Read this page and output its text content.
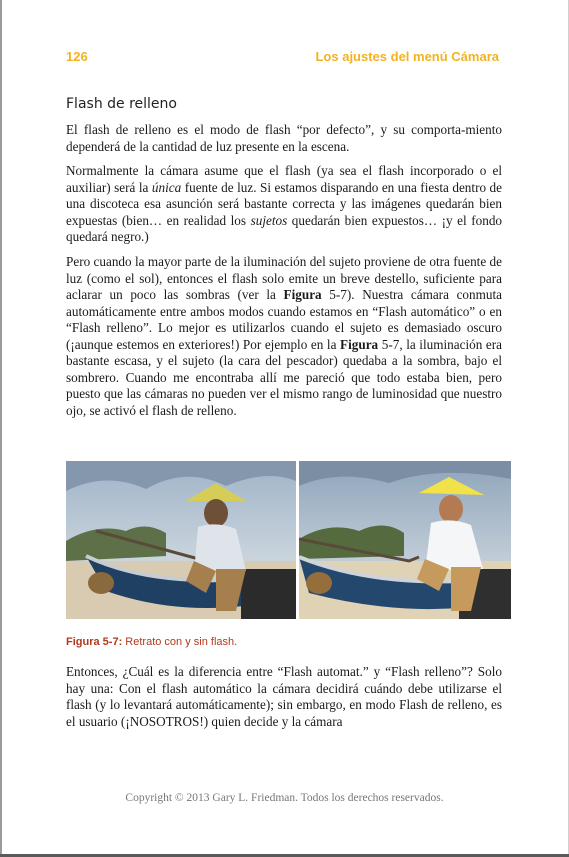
126	Los ajustes del menú Cámara
Flash de relleno

El flash de relleno es el modo de flash “por defecto”, y su comporta-miento dependerá de la cantidad de luz presente en la escena.

Normalmente la cámara asume que el flash (ya sea el flash incorporado o el auxiliar) será la única fuente de luz. Si estamos disparando en una fiesta dentro de una discoteca esa asunción será bastante correcta y las imágenes quedarán bien expuestas (bien… en realidad los sujetos quedarán bien expuestos… ¡y el fondo quedará negro.)

Pero cuando la mayor parte de la iluminación del sujeto proviene de otra fuente de luz (como el sol), entonces el flash solo emite un breve destello, suficiente para aclarar un poco las sombras (ver la Figura 5-7). Nuestra cámara conmuta automáticamente entre ambos modos cuando estamos en “Flash automático” o en “Flash relleno”. Lo mejor es utilizarlos cuando el sujeto es demasiado oscuro (¡aunque estemos en exteriores!) Por ejemplo en la Figura 5-7, la iluminación era bastante escasa, y el sujeto (la cara del pescador) quedaba a la sombra, bajo el sombrero. Cuando me encontraba allí me pareció que todo estaba bien, pero puesto que las cámaras no pueden ver el mismo rango de luminosidad que nuestro ojo, se activó el flash de relleno.

Figura 5-7: Retrato con y sin flash.

Entonces, ¿Cuál es la diferencia entre “Flash automat.” y “Flash relleno”? Solo hay una: Con el flash automático la cámara decidirá cuándo debe utilizarse el flash (y lo levantará automáticamente); sin embargo, en modo Flash de relleno, es el usuario (¡NOSOTROS!) quien decide y la cámara

Copyright © 2013 Gary L. Friedman. Todos los derechos reservados.
